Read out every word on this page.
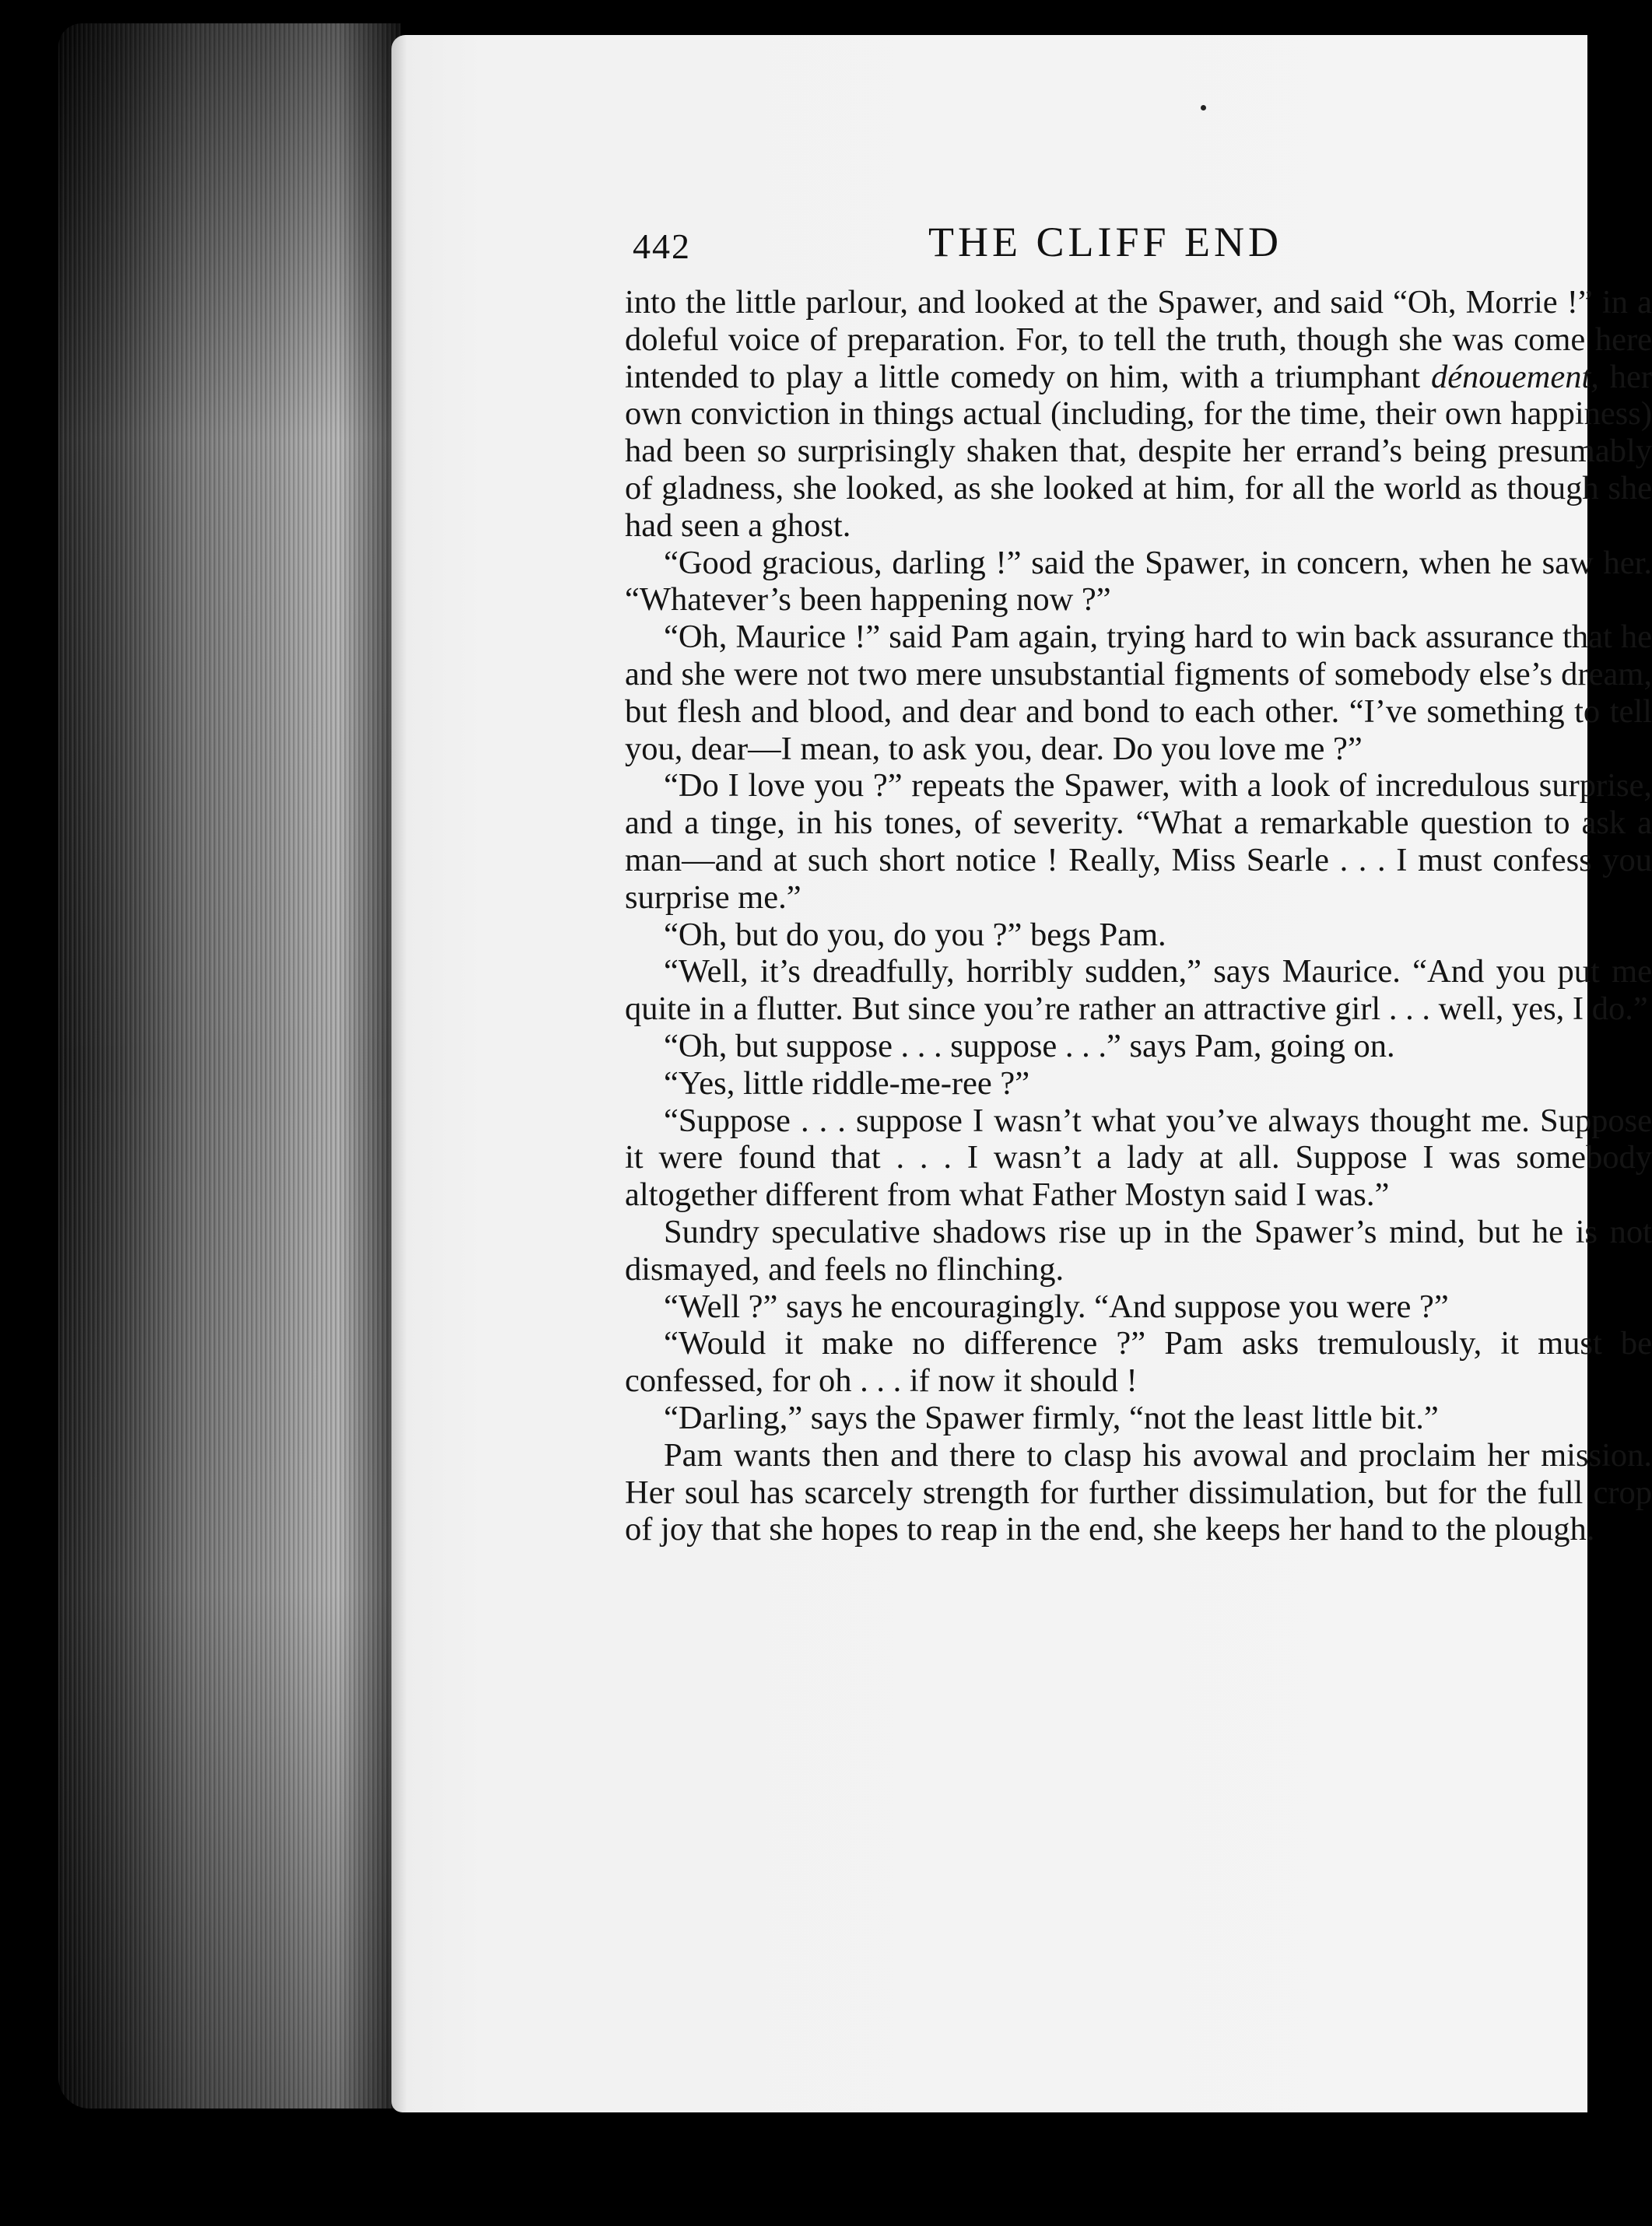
442	THE CLIFF END

into the little parlour, and looked at the Spawer, and said “Oh, Morrie !” in a doleful voice of preparation. For, to tell the truth, though she was come here intended to play a little comedy on him, with a triumphant dénouement, her own conviction in things actual (including, for the time, their own happiness) had been so surprisingly shaken that, despite her errand’s being presumably of gladness, she looked, as she looked at him, for all the world as though she had seen a ghost.

“Good gracious, darling !” said the Spawer, in concern, when he saw her. “Whatever’s been happening now ?”

“Oh, Maurice !” said Pam again, trying hard to win back assurance that he and she were not two mere unsubstantial figments of somebody else’s dream, but flesh and blood, and dear and bond to each other. “I’ve something to tell you, dear—I mean, to ask you, dear. Do you love me ?”

“Do I love you ?” repeats the Spawer, with a look of incredulous surprise, and a tinge, in his tones, of severity. “What a remarkable question to ask a man—and at such short notice ! Really, Miss Searle . . . I must confess you surprise me.”

“Oh, but do you, do you ?” begs Pam.

“Well, it’s dreadfully, horribly sudden,” says Maurice. “And you put me quite in a flutter. But since you’re rather an attractive girl . . . well, yes, I do.”

“Oh, but suppose . . . suppose . . .” says Pam, going on.

“Yes, little riddle-me-ree ?”

“Suppose . . . suppose I wasn’t what you’ve always thought me. Suppose it were found that . . . I wasn’t a lady at all. Suppose I was somebody altogether different from what Father Mostyn said I was.”

Sundry speculative shadows rise up in the Spawer’s mind, but he is not dismayed, and feels no flinching.

“Well ?” says he encouragingly. “And suppose you were ?”

“Would it make no difference ?” Pam asks tremulously, it must be confessed, for oh . . . if now it should !

“Darling,” says the Spawer firmly, “not the least little bit.”

Pam wants then and there to clasp his avowal and proclaim her mission. Her soul has scarcely strength for further dissimulation, but for the full crop of joy that she hopes to reap in the end, she keeps her hand to the plough.
